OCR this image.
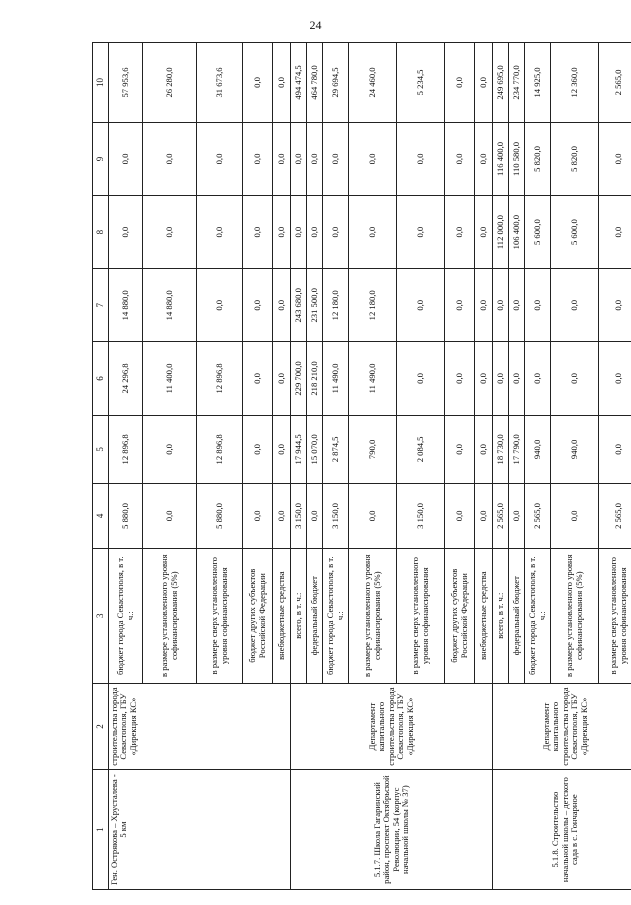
24
1	2	3	4	5	6	7	8	9	10
Ген. Острякова – Хрусталева - 5 км	строительства города Севастополя, ГБУ «Дирекция КС»	бюджет города Севастополя, в т. ч.:	5 880,0	12 896,8	24 296,8	14 880,0	0,0	0,0	57 953,6
		в размере установленного уровня софинансирования (5%)	0,0	0,0	11 400,0	14 880,0	0,0	0,0	26 280,0
		в размере сверх установленного уровня софинансирования	5 880,0	12 896,8	12 896,8	0,0	0,0	0,0	31 673,6
		бюджет других субъектов Российской Федерации	0,0	0,0	0,0	0,0	0,0	0,0	0,0
		внебюджетные средства	0,0	0,0	0,0	0,0	0,0	0,0	0,0
5.1.7. Школа Гагаринский район, проспект Октябрьской Революции, 54 (корпус начальной школы № 37)	Департамент капитального строительства города Севастополя, ГБУ «Дирекция КС»	всего, в т. ч.:	3 150,0	17 944,5	229 700,0	243 680,0	0,0	0,0	494 474,5
		федеральный бюджет	0,0	15 070,0	218 210,0	231 500,0	0,0	0,0	464 780,0
		бюджет города Севастополя, в т. ч.:	3 150,0	2 874,5	11 490,0	12 180,0	0,0	0,0	29 694,5
		в размере установленного уровня софинансирования (5%)	0,0	790,0	11 490,0	12 180,0	0,0	0,0	24 460,0
		в размере сверх установленного уровня софинансирования	3 150,0	2 084,5	0,0	0,0	0,0	0,0	5 234,5
		бюджет других субъектов Российской Федерации	0,0	0,0	0,0	0,0	0,0	0,0	0,0
		внебюджетные средства	0,0	0,0	0,0	0,0	0,0	0,0	0,0
5.1.8. Строительство начальной школы – детского сада в с. Гончарное	Департамент капитального строительства города Севастополя, ГБУ «Дирекция КС»	всего, в т. ч.:	2 565,0	18 730,0	0,0	0,0	112 000,0	116 400,0	249 695,0
		федеральный бюджет	0,0	17 790,0	0,0	0,0	106 400,0	110 580,0	234 770,0
		бюджет города Севастополя, в т. ч.:	2 565,0	940,0	0,0	0,0	5 600,0	5 820,0	14 925,0
		в размере установленного уровня софинансирования (5%)	0,0	940,0	0,0	0,0	5 600,0	5 820,0	12 360,0
		в размере сверх установленного уровня софинансирования	2 565,0	0,0	0,0	0,0	0,0	0,0	2 565,0
